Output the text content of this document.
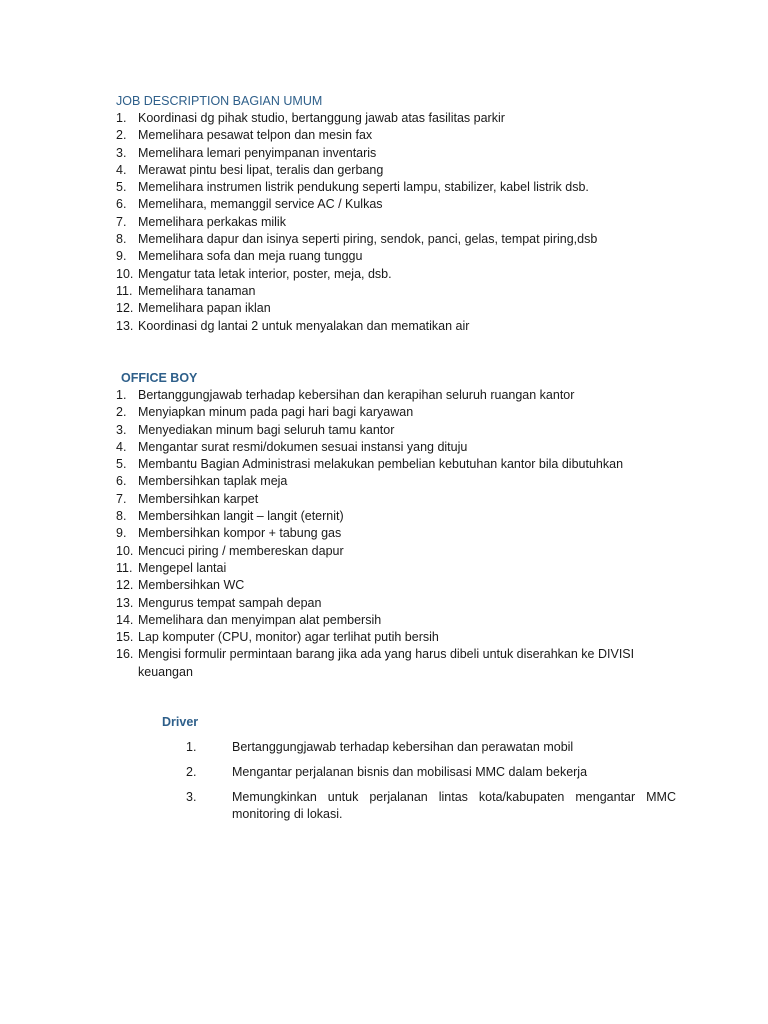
JOB DESCRIPTION BAGIAN UMUM
1. Koordinasi dg pihak studio, bertanggung jawab atas fasilitas parkir
2. Memelihara pesawat telpon dan mesin fax
3. Memelihara lemari penyimpanan inventaris
4. Merawat pintu besi lipat, teralis dan gerbang
5. Memelihara instrumen listrik pendukung seperti lampu, stabilizer, kabel listrik dsb.
6. Memelihara, memanggil service AC / Kulkas
7. Memelihara perkakas milik
8. Memelihara dapur dan isinya seperti piring, sendok, panci, gelas, tempat piring,dsb
9. Memelihara sofa dan meja ruang tunggu
10. Mengatur tata letak interior, poster, meja, dsb.
11. Memelihara tanaman
12. Memelihara papan iklan
13. Koordinasi dg lantai 2 untuk menyalakan dan mematikan air
OFFICE BOY
1. Bertanggungjawab terhadap kebersihan dan kerapihan seluruh ruangan kantor
2. Menyiapkan minum pada pagi hari bagi karyawan
3. Menyediakan minum bagi seluruh tamu kantor
4. Mengantar surat resmi/dokumen sesuai instansi yang dituju
5. Membantu Bagian Administrasi melakukan pembelian kebutuhan kantor bila dibutuhkan
6. Membersihkan taplak meja
7. Membersihkan karpet
8. Membersihkan langit – langit (eternit)
9. Membersihkan kompor + tabung gas
10. Mencuci piring / membereskan dapur
11. Mengepel lantai
12. Membersihkan WC
13. Mengurus tempat sampah depan
14. Memelihara dan menyimpan alat pembersih
15. Lap komputer (CPU, monitor) agar terlihat putih bersih
16. Mengisi formulir permintaan barang jika ada yang harus dibeli untuk diserahkan ke DIVISI keuangan
Driver
1.	Bertanggungjawab terhadap kebersihan dan perawatan mobil
2.	Mengantar perjalanan bisnis dan mobilisasi MMC dalam bekerja
3.	Memungkinkan untuk perjalanan lintas kota/kabupaten mengantar MMC monitoring di lokasi.
